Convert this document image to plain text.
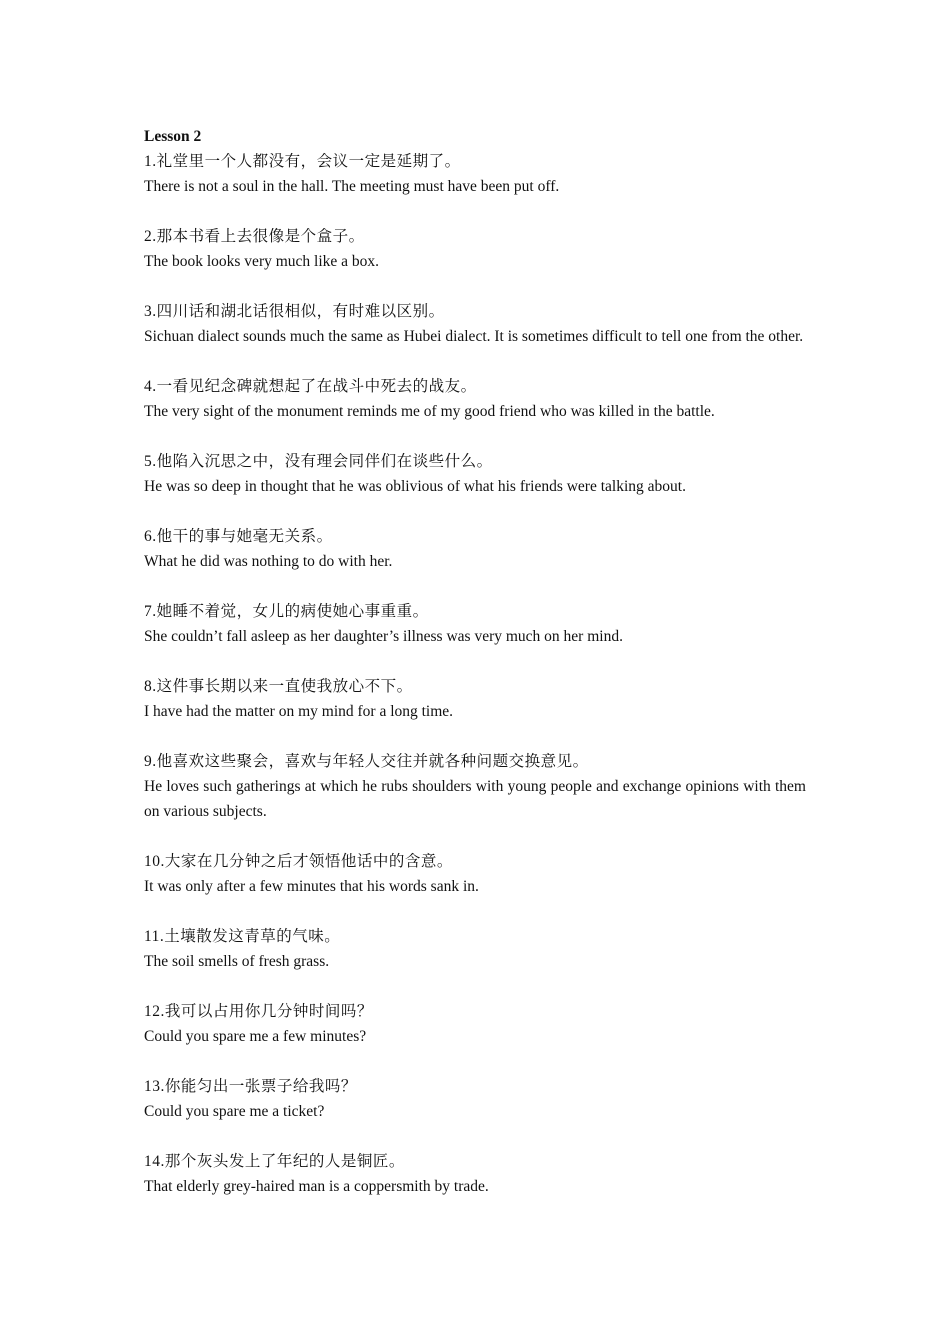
Lesson 2
1.礼堂里一个人都没有，会议一定是延期了。
There is not a soul in the hall. The meeting must have been put off.
2.那本书看上去很像是个盒子。
The book looks very much like a box.
3.四川话和湖北话很相似，有时难以区别。
Sichuan dialect sounds much the same as Hubei dialect. It is sometimes difficult to tell one from the other.
4.一看见纪念碑就想起了在战斗中死去的战友。
The very sight of the monument reminds me of my good friend who was killed in the battle.
5.他陷入沉思之中，没有理会同伴们在谈些什么。
He was so deep in thought that he was oblivious of what his friends were talking about.
6.他干的事与她毫无关系。
What he did was nothing to do with her.
7.她睡不着觉，女儿的病使她心事重重。
She couldn’t fall asleep as her daughter’s illness was very much on her mind.
8.这件事长期以来一直使我放心不下。
I have had the matter on my mind for a long time.
9.他喜欢这些聚会，喜欢与年轻人交往并就各种问题交换意见。
He loves such gatherings at which he rubs shoulders with young people and exchange opinions with them on various subjects.
10.大家在几分钟之后才领悟他话中的含意。
It was only after a few minutes that his words sank in.
11.土壤散发这青草的气味。
The soil smells of fresh grass.
12.我可以占用你几分钟时间吗？
Could you spare me a few minutes?
13.你能匀出一张票子给我吗？
Could you spare me a ticket?
14.那个灰头发上了年纪的人是铜匠。
That elderly grey-haired man is a coppersmith by trade.
